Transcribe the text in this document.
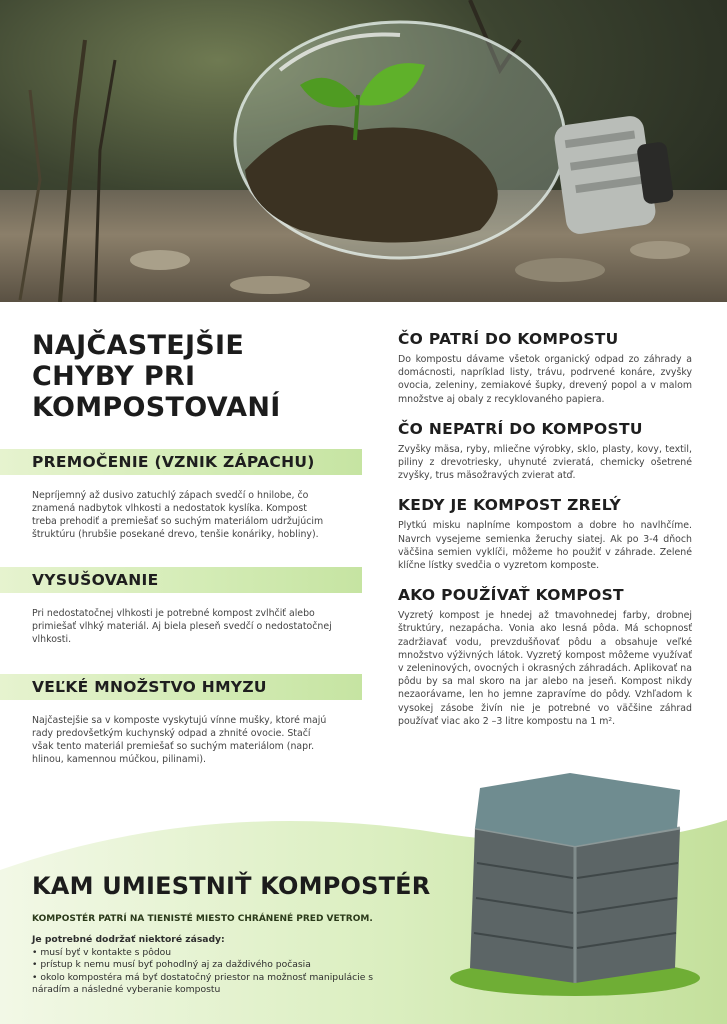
NAJČASTEJŠIE CHYBY PRI KOMPOSTOVANÍ
PREMOČENIE (VZNIK ZÁPACHU)

Nepríjemný až dusivo zatuchlý zápach svedčí o hnilobe, čo znamená nadbytok vlhkosti a nedostatok kyslíka. Kompost treba prehodiť a premiešať so suchým materiálom udržujúcim štruktúru (hrubšie posekané drevo, tenšie konáriky, hobliny).

VYSUŠOVANIE

Pri nedostatočnej vlhkosti je potrebné kompost zvlhčiť alebo primiešať vlhký materiál. Aj biela pleseň svedčí o nedostatočnej vlhkosti.

VEĽKÉ MNOŽSTVO HMYZU

Najčastejšie sa v komposte vyskytujú vínne mušky, ktoré majú rady predovšetkým kuchynský odpad a zhnité ovocie. Stačí však tento materiál premiešať so suchým materiálom (napr. hlinou, kamennou múčkou, pilinami).

ČO PATRÍ DO KOMPOSTU

Do kompostu dávame všetok organický odpad zo záhrady a domácnosti, napríklad listy, trávu, podrvené konáre, zvyšky ovocia, zeleniny, zemiakové šupky, drevený popol a v malom množstve aj obaly z recyklovaného papiera.

ČO NEPATRÍ DO KOMPOSTU

Zvyšky mäsa, ryby, mliečne výrobky, sklo, plasty, kovy, textil, piliny z drevotriesky, uhynuté zvieratá, chemicky ošetrené zvyšky, trus mäsožravých zvierat atď.

KEDY JE KOMPOST ZRELÝ

Plytkú misku naplníme kompostom a dobre ho navlhčíme. Navrch vysejeme semienka žeruchy siatej. Ak po 3-4 dňoch väčšina semien vyklíči, môžeme ho použiť v záhrade. Zelené klíčne lístky svedčia o vyzretom komposte.

AKO POUŽÍVAŤ KOMPOST

Vyzretý kompost je hnedej až tmavohnedej farby, drobnej štruktúry, nezapácha. Vonia ako lesná pôda. Má schopnosť zadržiavať vodu, prevzdušňovať pôdu a obsahuje veľké množstvo výživných látok. Vyzretý kompost môžeme využívať v zeleninových, ovocných i okrasných záhradách. Aplikovať na pôdu by sa mal skoro na jar alebo na jeseň. Kompost nikdy nezaorávame, len ho jemne zapravíme do pôdy. Vzhľadom k vysokej zásobe živín nie je potrebné vo väčšine záhrad používať viac ako 2 –3 litre kompostu na 1 m².

KAM UMIESTNIŤ KOMPOSTÉR
KOMPOSTÉR PATRÍ NA TIENISTÉ MIESTO CHRÁNENÉ PRED VETROM.
Je potrebné dodržať niektoré zásady:
• musí byť v kontakte s pôdou
• prístup k nemu musí byť pohodlný aj za daždivého počasia
• okolo kompostéra má byť dostatočný priestor na možnosť manipulácie s náradím a následné vyberanie kompostu
